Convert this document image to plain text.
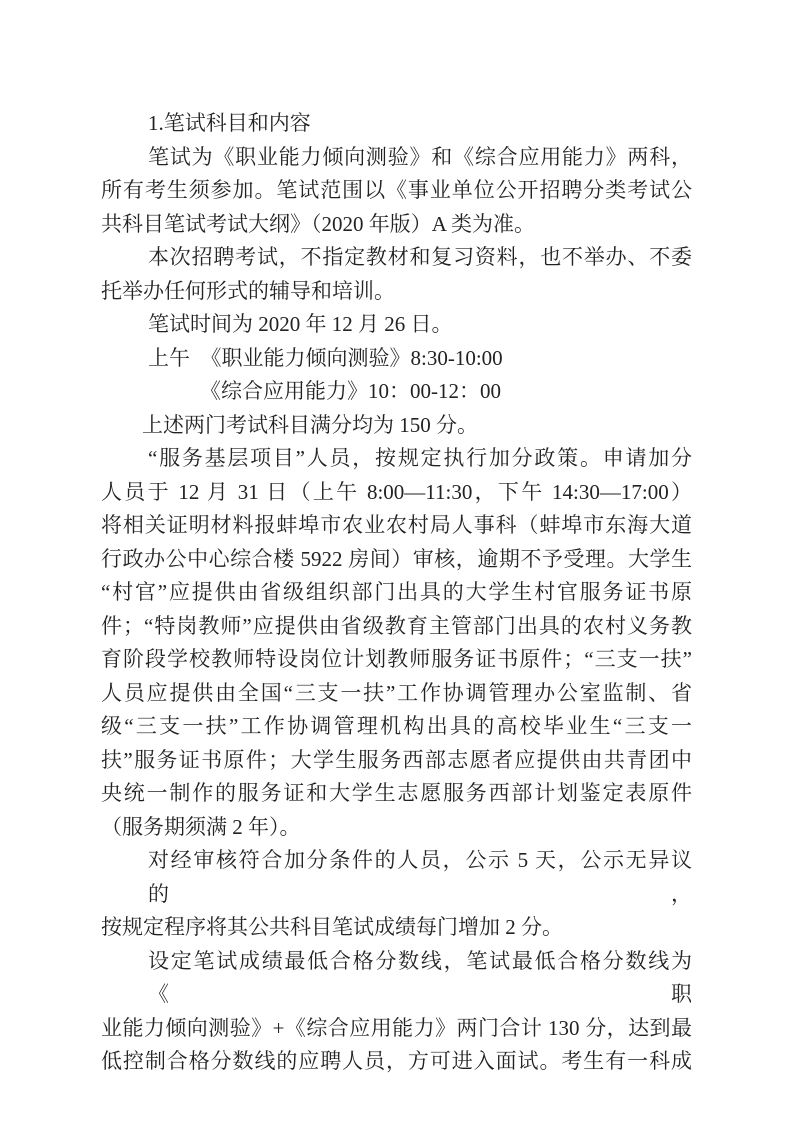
1.笔试科目和内容
笔试为《职业能力倾向测验》和《综合应用能力》两科，
所有考生须参加。笔试范围以《事业单位公开招聘分类考试公
共科目笔试考试大纲》（2020 年版）A 类为准。
本次招聘考试，不指定教材和复习资料，也不举办、不委
托举办任何形式的辅导和培训。
笔试时间为 2020 年 12 月 26 日。
上午  《职业能力倾向测验》8:30-10:00
《综合应用能力》10：00-12：00
上述两门考试科目满分均为 150 分。
“服务基层项目”人员，按规定执行加分政策。申请加分
人员于 12 月 31 日（上午 8:00—11:30，下午 14:30—17:00）
将相关证明材料报蚌埠市农业农村局人事科（蚌埠市东海大道
行政办公中心综合楼 5922 房间）审核，逾期不予受理。大学生
“村官”应提供由省级组织部门出具的大学生村官服务证书原
件；“特岗教师”应提供由省级教育主管部门出具的农村义务教
育阶段学校教师特设岗位计划教师服务证书原件；“三支一扶”
人员应提供由全国“三支一扶”工作协调管理办公室监制、省
级“三支一扶”工作协调管理机构出具的高校毕业生“三支一
扶”服务证书原件；大学生服务西部志愿者应提供由共青团中
央统一制作的服务证和大学生志愿服务西部计划鉴定表原件
（服务期须满 2 年）。
对经审核符合加分条件的人员，公示 5 天，公示无异议的，
按规定程序将其公共科目笔试成绩每门增加 2 分。
设定笔试成绩最低合格分数线，笔试最低合格分数线为《职
业能力倾向测验》+《综合应用能力》两门合计 130 分，达到最
低控制合格分数线的应聘人员，方可进入面试。考生有一科成
